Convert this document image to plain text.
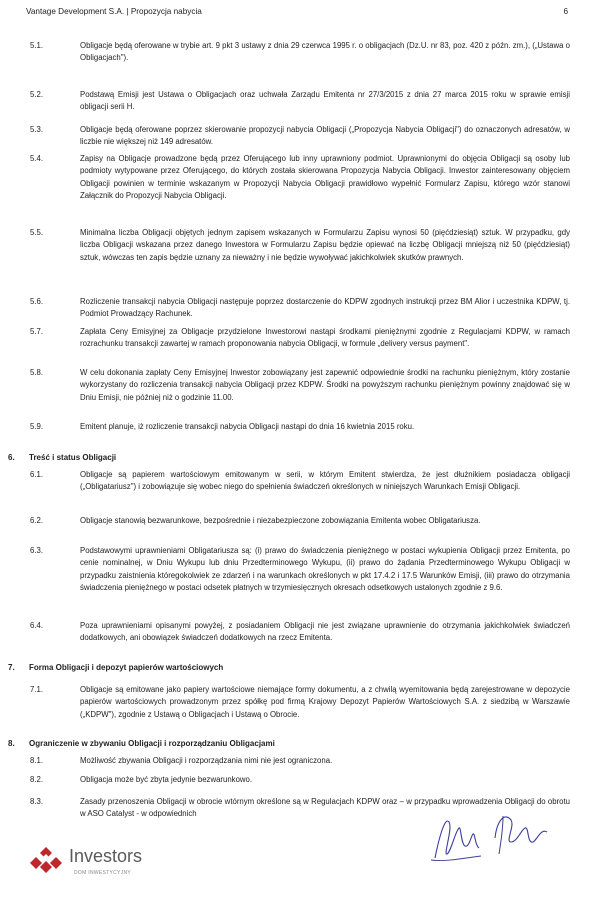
Vantage Development S.A. | Propozycja nabycia	6
5.1.	Obligacje będą oferowane w trybie art. 9 pkt 3 ustawy z dnia 29 czerwca 1995 r. o obligacjach (Dz.U. nr 83, poz. 420 z późn. zm.), („Ustawa o Obligacjach").
5.2.	Podstawą Emisji jest Ustawa o Obligacjach oraz uchwała Zarządu Emitenta nr 27/3/2015 z dnia 27 marca 2015 roku w sprawie emisji obligacji serii H.
5.3.	Obligacje będą oferowane poprzez skierowanie propozycji nabycia Obligacji („Propozycja Nabycia Obligacji") do oznaczonych adresatów, w liczbie nie większej niż 149 adresatów.
5.4.	Zapisy na Obligacje prowadzone będą przez Oferującego lub inny uprawniony podmiot. Uprawnionymi do objęcia Obligacji są osoby lub podmioty wytypowane przez Oferującego, do których została skierowana Propozycja Nabycia Obligacji. Inwestor zainteresowany objęciem Obligacji powinien w terminie wskazanym w Propozycji Nabycia Obligacji prawidłowo wypełnić Formularz Zapisu, którego wzór stanowi Załącznik do Propozycji Nabycia Obligacji.
5.5.	Minimalna liczba Obligacji objętych jednym zapisem wskazanych w Formularzu Zapisu wynosi 50 (pięćdziesiąt) sztuk. W przypadku, gdy liczba Obligacji wskazana przez danego Inwestora w Formularzu Zapisu będzie opiewać na liczbę Obligacji mniejszą niż 50 (pięćdziesiąt) sztuk, wówczas ten zapis będzie uznany za nieważny i nie będzie wywoływać jakichkolwiek skutków prawnych.
5.6.	Rozliczenie transakcji nabycia Obligacji następuje poprzez dostarczenie do KDPW zgodnych instrukcji przez BM Alior i uczestnika KDPW, tj. Podmiot Prowadzący Rachunek.
5.7.	Zapłata Ceny Emisyjnej za Obligacje przydzielone Inwestorowi nastąpi środkami pieniężnymi zgodnie z Regulacjami KDPW, w ramach rozrachunku transakcji zawartej w ramach proponowania nabycia Obligacji, w formule „delivery versus payment".
5.8.	W celu dokonania zapłaty Ceny Emisyjnej Inwestor zobowiązany jest zapewnić odpowiednie środki na rachunku pieniężnym, który zostanie wykorzystany do rozliczenia transakcji nabycia Obligacji przez KDPW. Środki na powyższym rachunku pieniężnym powinny znajdować się w Dniu Emisji, nie później niż o godzinie 11.00.
5.9.	Emitent planuje, iż rozliczenie transakcji nabycia Obligacji nastąpi do dnia 16 kwietnia 2015 roku.
6. Treść i status Obligacji
6.1.	Obligacje są papierem wartościowym emitowanym w serii, w którym Emitent stwierdza, że jest dłużnikiem posiadacza obligacji („Obligatariusz") i zobowiązuje się wobec niego do spełnienia świadczeń określonych w niniejszych Warunkach Emisji Obligacji.
6.2.	Obligacje stanowią bezwarunkowe, bezpośrednie i niezabezpieczone zobowiązania Emitenta wobec Obligatariusza.
6.3.	Podstawowymi uprawnieniami Obligatariusza są: (i) prawo do świadczenia pieniężnego w postaci wykupienia Obligacji przez Emitenta, po cenie nominalnej, w Dniu Wykupu lub dniu Przedterminowego Wykupu, (ii) prawo do żądania Przedterminowego Wykupu Obligacji w przypadku zaistnienia któregokolwiek ze zdarzeń i na warunkach określonych w pkt 17.4.2 i 17.5 Warunków Emisji, (iii) prawo do otrzymania świadczenia pieniężnego w postaci odsetek płatnych w trzymiesięcznych okresach odsetkowych ustalonych zgodnie z 9.6.
6.4.	Poza uprawnieniami opisanymi powyżej, z posiadaniem Obligacji nie jest związane uprawnienie do otrzymania jakichkolwiek świadczeń dodatkowych, ani obowiązek świadczeń dodatkowych na rzecz Emitenta.
7. Forma Obligacji i depozyt papierów wartościowych
7.1.	Obligacje są emitowane jako papiery wartościowe niemające formy dokumentu, a z chwilą wyemitowania będą zarejestrowane w depozycie papierów wartościowych prowadzonym przez spółkę pod firmą Krajowy Depozyt Papierów Wartościowych S.A. z siedzibą w Warszawie („KDPW"), zgodnie z Ustawą o Obligacjach i Ustawą o Obrocie.
8. Ograniczenie w zbywaniu Obligacji i rozporządzaniu Obligacjami
8.1.	Możliwość zbywania Obligacji i rozporządzania nimi nie jest ograniczona.
8.2.	Obligacja może być zbyta jedynie bezwarunkowo.
8.3.	Zasady przenoszenia Obligacji w obrocie wtórnym określone są w Regulacjach KDPW oraz – w przypadku wprowadzenia Obligacji do obrotu w ASO Catalyst - w odpowiednich
Investors
DOM INWESTYCYJNY
